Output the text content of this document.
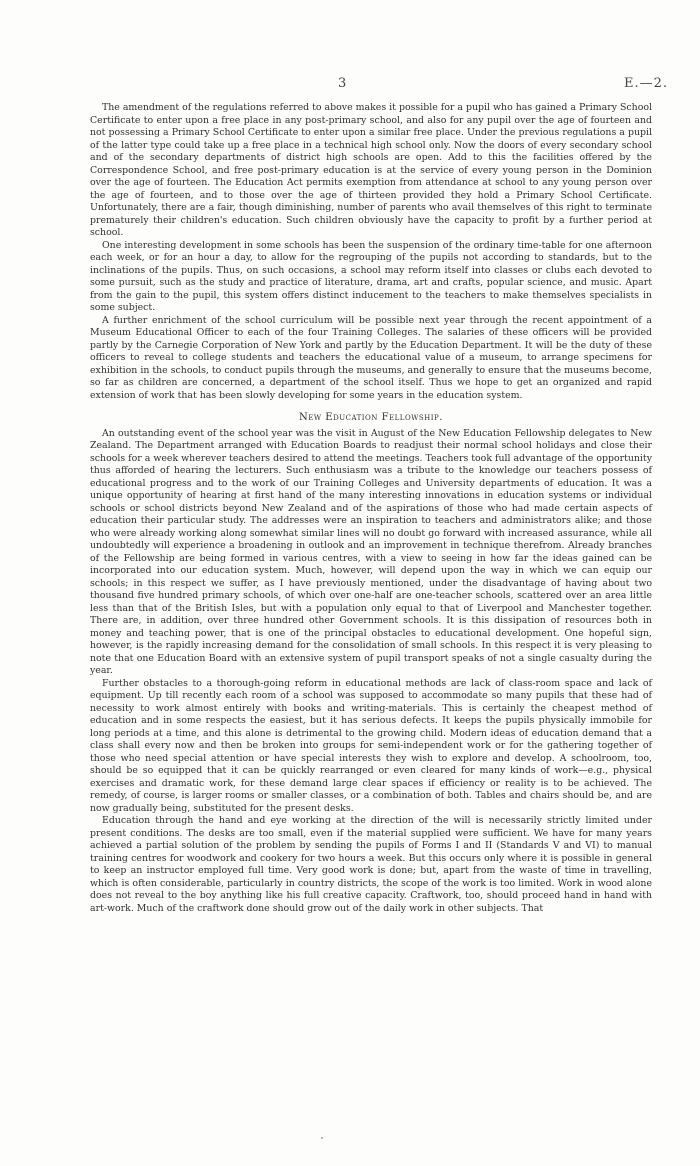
3	E.—2.

The amendment of the regulations referred to above makes it possible for a pupil who has gained a Primary School Certificate to enter upon a free place in any post-primary school, and also for any pupil over the age of fourteen and not possessing a Primary School Certificate to enter upon a similar free place. Under the previous regulations a pupil of the latter type could take up a free place in a technical high school only. Now the doors of every secondary school and of the secondary departments of district high schools are open. Add to this the facilities offered by the Correspondence School, and free post-primary education is at the service of every young person in the Dominion over the age of fourteen. The Education Act permits exemption from attendance at school to any young person over the age of fourteen, and to those over the age of thirteen provided they hold a Primary School Certificate. Unfortunately, there are a fair, though diminishing, number of parents who avail themselves of this right to terminate prematurely their children's education. Such children obviously have the capacity to profit by a further period at school.

One interesting development in some schools has been the suspension of the ordinary time-table for one afternoon each week, or for an hour a day, to allow for the regrouping of the pupils not according to standards, but to the inclinations of the pupils. Thus, on such occasions, a school may reform itself into classes or clubs each devoted to some pursuit, such as the study and practice of literature, drama, art and crafts, popular science, and music. Apart from the gain to the pupil, this system offers distinct inducement to the teachers to make themselves specialists in some subject.

A further enrichment of the school curriculum will be possible next year through the recent appointment of a Museum Educational Officer to each of the four Training Colleges. The salaries of these officers will be provided partly by the Carnegie Corporation of New York and partly by the Education Department. It will be the duty of these officers to reveal to college students and teachers the educational value of a museum, to arrange specimens for exhibition in the schools, to conduct pupils through the museums, and generally to ensure that the museums become, so far as children are concerned, a department of the school itself. Thus we hope to get an organized and rapid extension of work that has been slowly developing for some years in the education system.

New Education Fellowship.

An outstanding event of the school year was the visit in August of the New Education Fellowship delegates to New Zealand. The Department arranged with Education Boards to readjust their normal school holidays and close their schools for a week wherever teachers desired to attend the meetings. Teachers took full advantage of the opportunity thus afforded of hearing the lecturers. Such enthusiasm was a tribute to the knowledge our teachers possess of educational progress and to the work of our Training Colleges and University departments of education. It was a unique opportunity of hearing at first hand of the many interesting innovations in education systems or individual schools or school districts beyond New Zealand and of the aspirations of those who had made certain aspects of education their particular study. The addresses were an inspiration to teachers and administrators alike; and those who were already working along somewhat similar lines will no doubt go forward with increased assurance, while all undoubtedly will experience a broadening in outlook and an improvement in technique therefrom. Already branches of the Fellowship are being formed in various centres, with a view to seeing in how far the ideas gained can be incorporated into our education system. Much, however, will depend upon the way in which we can equip our schools; in this respect we suffer, as I have previously mentioned, under the disadvantage of having about two thousand five hundred primary schools, of which over one-half are one-teacher schools, scattered over an area little less than that of the British Isles, but with a population only equal to that of Liverpool and Manchester together. There are, in addition, over three hundred other Government schools. It is this dissipation of resources both in money and teaching power, that is one of the principal obstacles to educational development. One hopeful sign, however, is the rapidly increasing demand for the consolidation of small schools. In this respect it is very pleasing to note that one Education Board with an extensive system of pupil transport speaks of not a single casualty during the year.

Further obstacles to a thorough-going reform in educational methods are lack of class-room space and lack of equipment. Up till recently each room of a school was supposed to accommodate so many pupils that these had of necessity to work almost entirely with books and writing-materials. This is certainly the cheapest method of education and in some respects the easiest, but it has serious defects. It keeps the pupils physically immobile for long periods at a time, and this alone is detrimental to the growing child. Modern ideas of education demand that a class shall every now and then be broken into groups for semi-independent work or for the gathering together of those who need special attention or have special interests they wish to explore and develop. A schoolroom, too, should be so equipped that it can be quickly rearranged or even cleared for many kinds of work—e.g., physical exercises and dramatic work, for these demand large clear spaces if efficiency or reality is to be achieved. The remedy, of course, is larger rooms or smaller classes, or a combination of both. Tables and chairs should be, and are now gradually being, substituted for the present desks.

Education through the hand and eye working at the direction of the will is necessarily strictly limited under present conditions. The desks are too small, even if the material supplied were sufficient. We have for many years achieved a partial solution of the problem by sending the pupils of Forms I and II (Standards V and VI) to manual training centres for woodwork and cookery for two hours a week. But this occurs only where it is possible in general to keep an instructor employed full time. Very good work is done; but, apart from the waste of time in travelling, which is often considerable, particularly in country districts, the scope of the work is too limited. Work in wood alone does not reveal to the boy anything like his full creative capacity. Craftwork, too, should proceed hand in hand with art-work. Much of the craftwork done should grow out of the daily work in other subjects. That
